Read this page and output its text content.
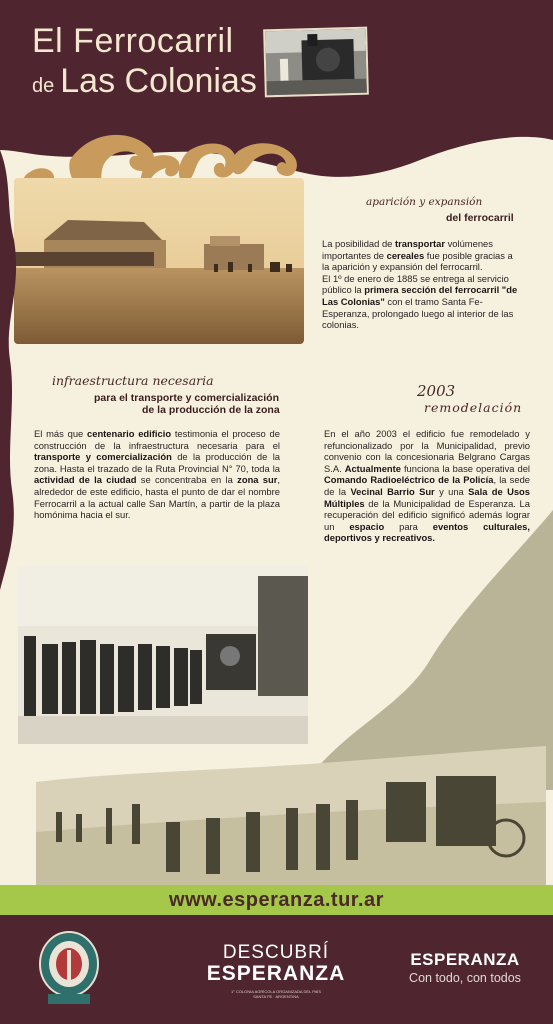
El Ferrocarril
de Las Colonias
aparición y expansión
del ferrocarril
La posibilidad de transportar volúmenes importantes de cereales fue posible gracias a la aparición y expansión del ferrocarril.
El 1º de enero de 1885 se entrega al servicio público la primera sección del ferrocarril "de Las Colonias" con el tramo Santa Fe-Esperanza, prolongado luego al interior de las colonias.
infraestructura necesaria
para el transporte y comercialización
de la producción de la zona
El más que centenario edificio testimonia el proceso de construcción de la infraestructura necesaria para el transporte y comercialización de la producción de la zona. Hasta el trazado de la Ruta Provincial N° 70, toda la actividad de la ciudad se concentraba en la zona sur, alrededor de este edificio, hasta el punto de dar el nombre Ferrocarril a la actual calle San Martín, a partir de la plaza homónima hacia el sur.
2003
remodelación
En el año 2003 el edificio fue remodelado y refuncionalizado por la Municipalidad, previo convenio con la concesionaria Belgrano Cargas S.A. Actualmente funciona la base operativa del Comando Radioeléctrico de la Policía, la sede de la Vecinal Barrio Sur y una Sala de Usos Múltiples de la Municipalidad de Esperanza. La recuperación del edificio significó además lograr un espacio para eventos culturales, deportivos y recreativos.
www.esperanza.tur.ar
DESCUBRÍ
ESPERANZA
1° COLONIA AGRÍCOLA ORGANIZADA DEL PAÍS
SANTA FE · ARGENTINA
ESPERANZA
Con todo, con todos
